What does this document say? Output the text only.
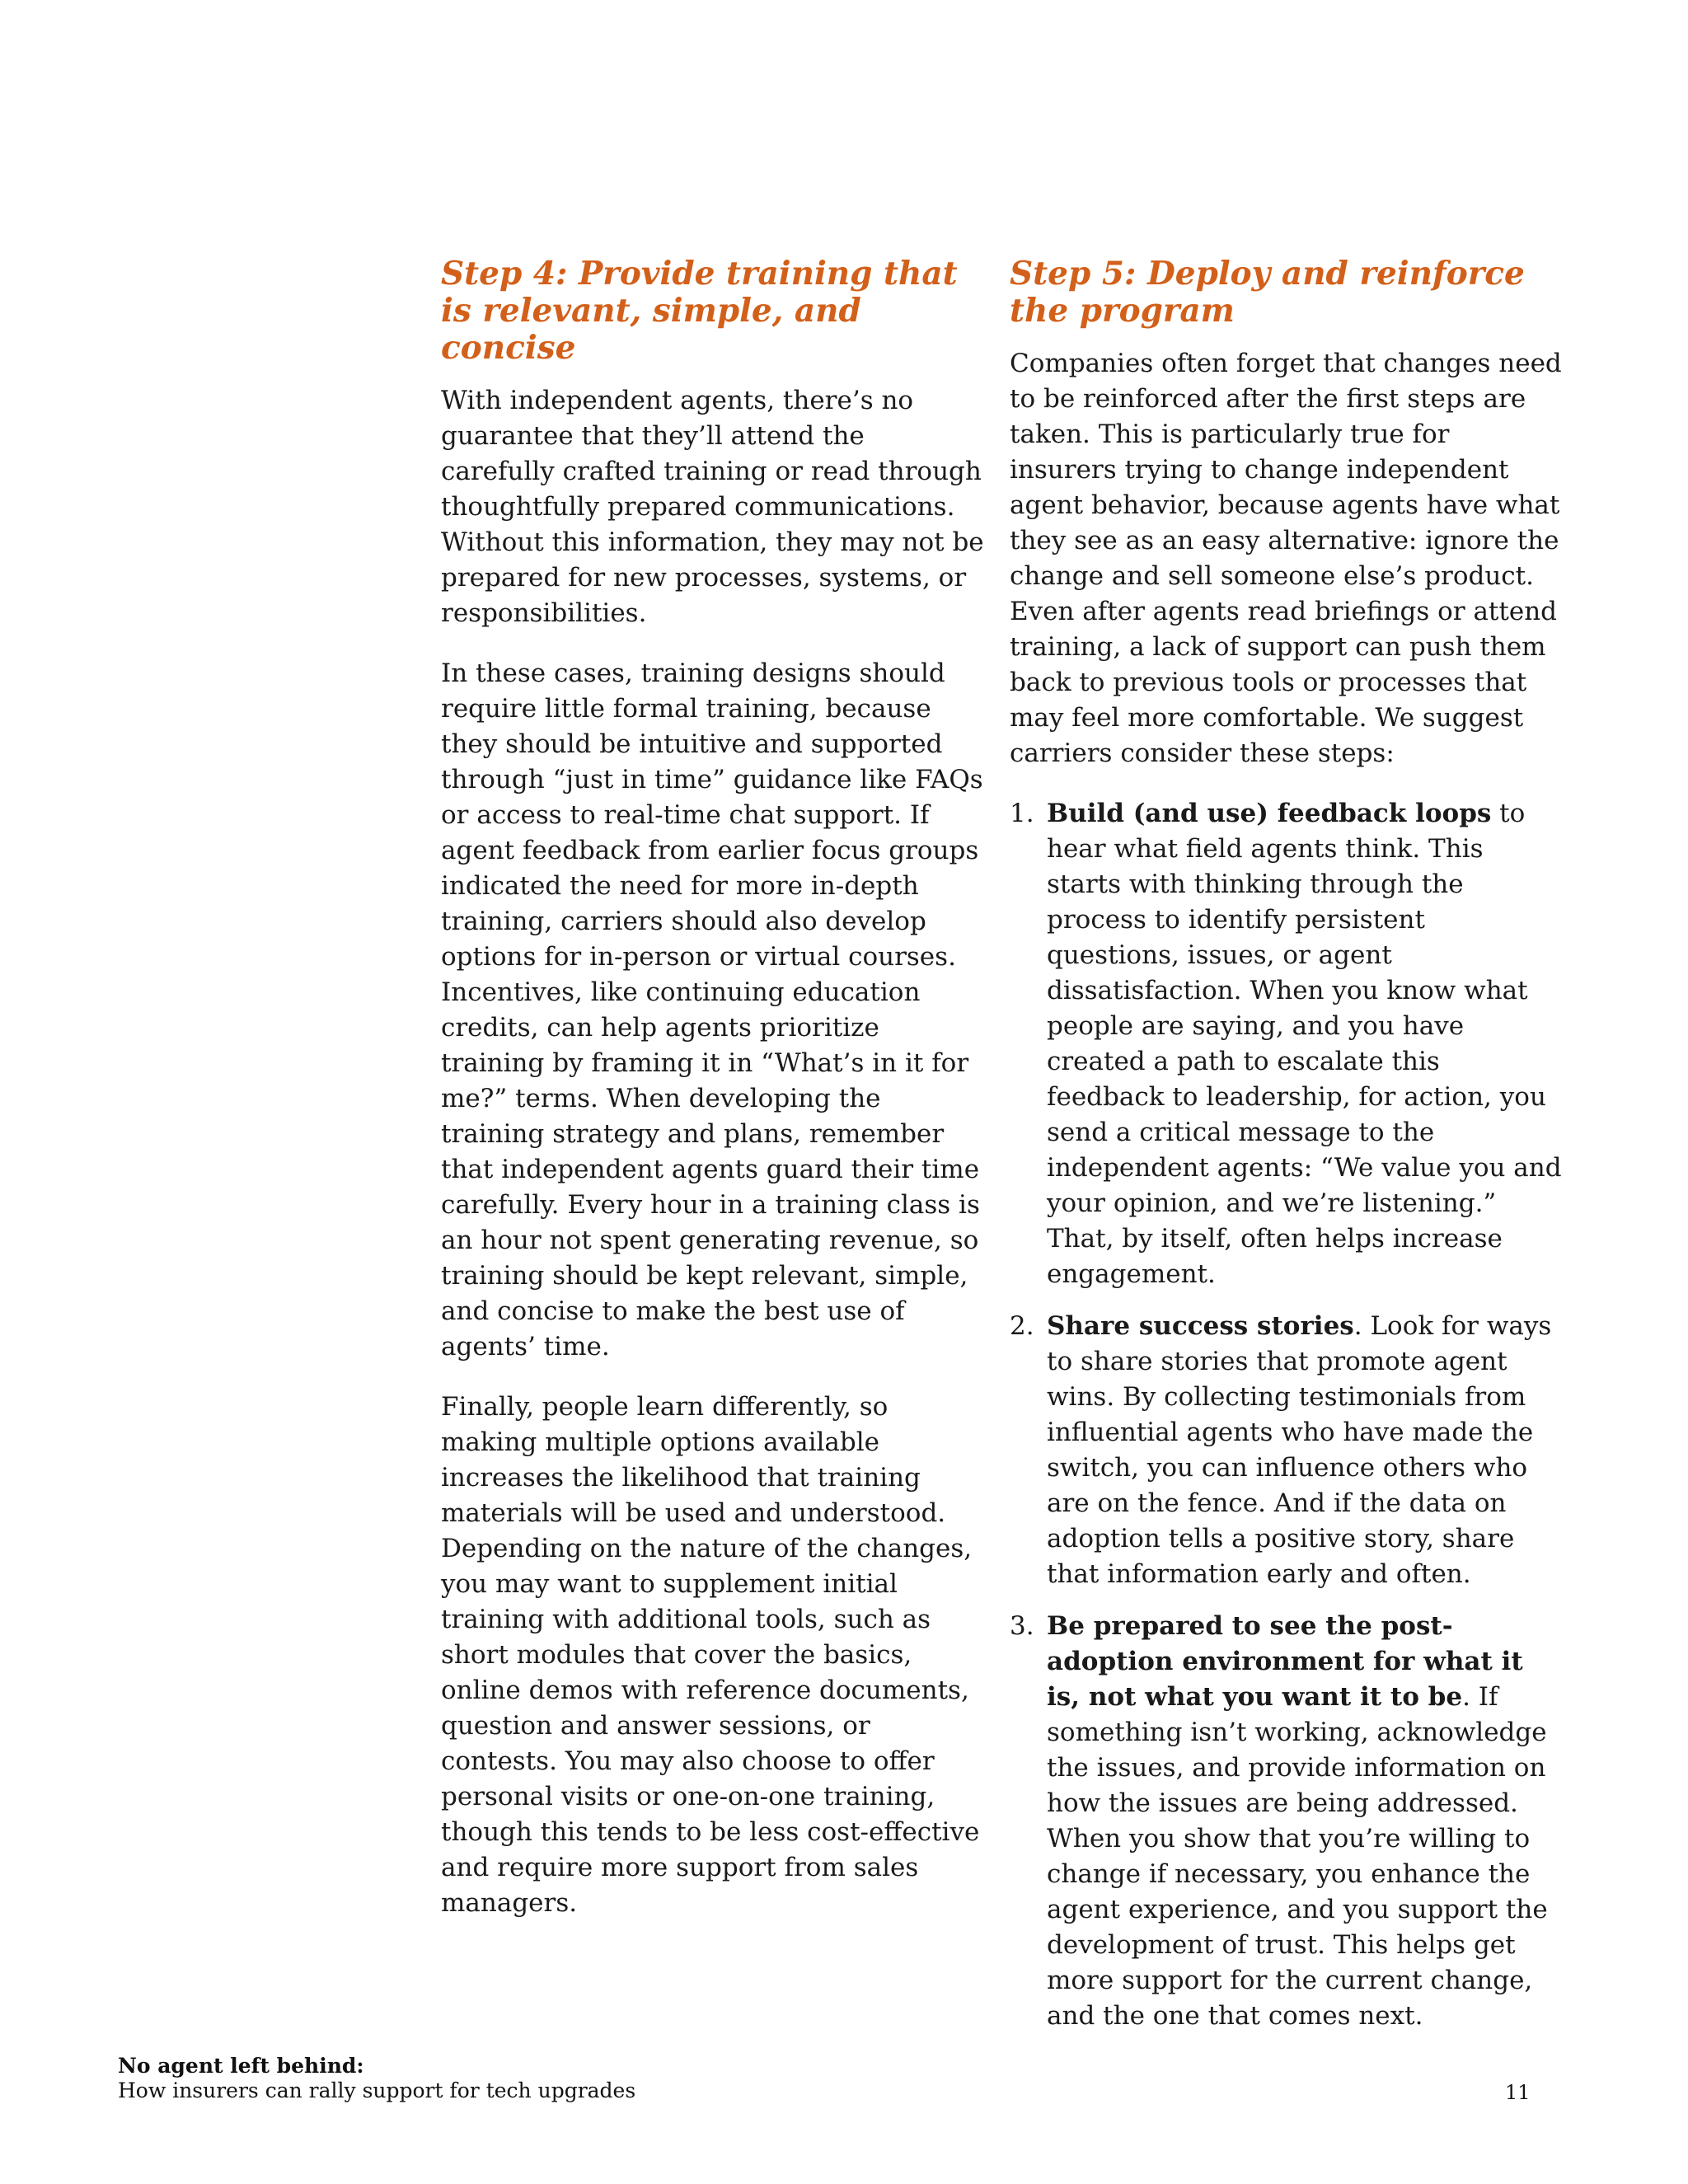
Step 4: Provide training that is relevant, simple, and concise

With independent agents, there’s no guarantee that they’ll attend the carefully crafted training or read through thoughtfully prepared communications. Without this information, they may not be prepared for new processes, systems, or responsibilities.

In these cases, training designs should require little formal training, because they should be intuitive and supported through “just in time” guidance like FAQs or access to real-time chat support. If agent feedback from earlier focus groups indicated the need for more in-depth training, carriers should also develop options for in-person or virtual courses. Incentives, like continuing education credits, can help agents prioritize training by framing it in “What’s in it for me?” terms. When developing the training strategy and plans, remember that independent agents guard their time carefully. Every hour in a training class is an hour not spent generating revenue, so training should be kept relevant, simple, and concise to make the best use of agents’ time.

Finally, people learn differently, so making multiple options available increases the likelihood that training materials will be used and understood. Depending on the nature of the changes, you may want to supplement initial training with additional tools, such as short modules that cover the basics, online demos with reference documents, question and answer sessions, or contests. You may also choose to offer personal visits or one-on-one training, though this tends to be less cost-effective and require more support from sales managers.

Step 5: Deploy and reinforce the program

Companies often forget that changes need to be reinforced after the first steps are taken. This is particularly true for insurers trying to change independent agent behavior, because agents have what they see as an easy alternative: ignore the change and sell someone else’s product. Even after agents read briefings or attend training, a lack of support can push them back to previous tools or processes that may feel more comfortable. We suggest carriers consider these steps:

1. Build (and use) feedback loops to hear what field agents think. This starts with thinking through the process to identify persistent questions, issues, or agent dissatisfaction. When you know what people are saying, and you have created a path to escalate this feedback to leadership, for action, you send a critical message to the independent agents: “We value you and your opinion, and we’re listening.” That, by itself, often helps increase engagement.
2. Share success stories. Look for ways to share stories that promote agent wins. By collecting testimonials from influential agents who have made the switch, you can influence others who are on the fence. And if the data on adoption tells a positive story, share that information early and often.
3. Be prepared to see the post-adoption environment for what it is, not what you want it to be. If something isn’t working, acknowledge the issues, and provide information on how the issues are being addressed. When you show that you’re willing to change if necessary, you enhance the agent experience, and you support the development of trust. This helps get more support for the current change, and the one that comes next.
No agent left behind:
How insurers can rally support for tech upgrades	11
